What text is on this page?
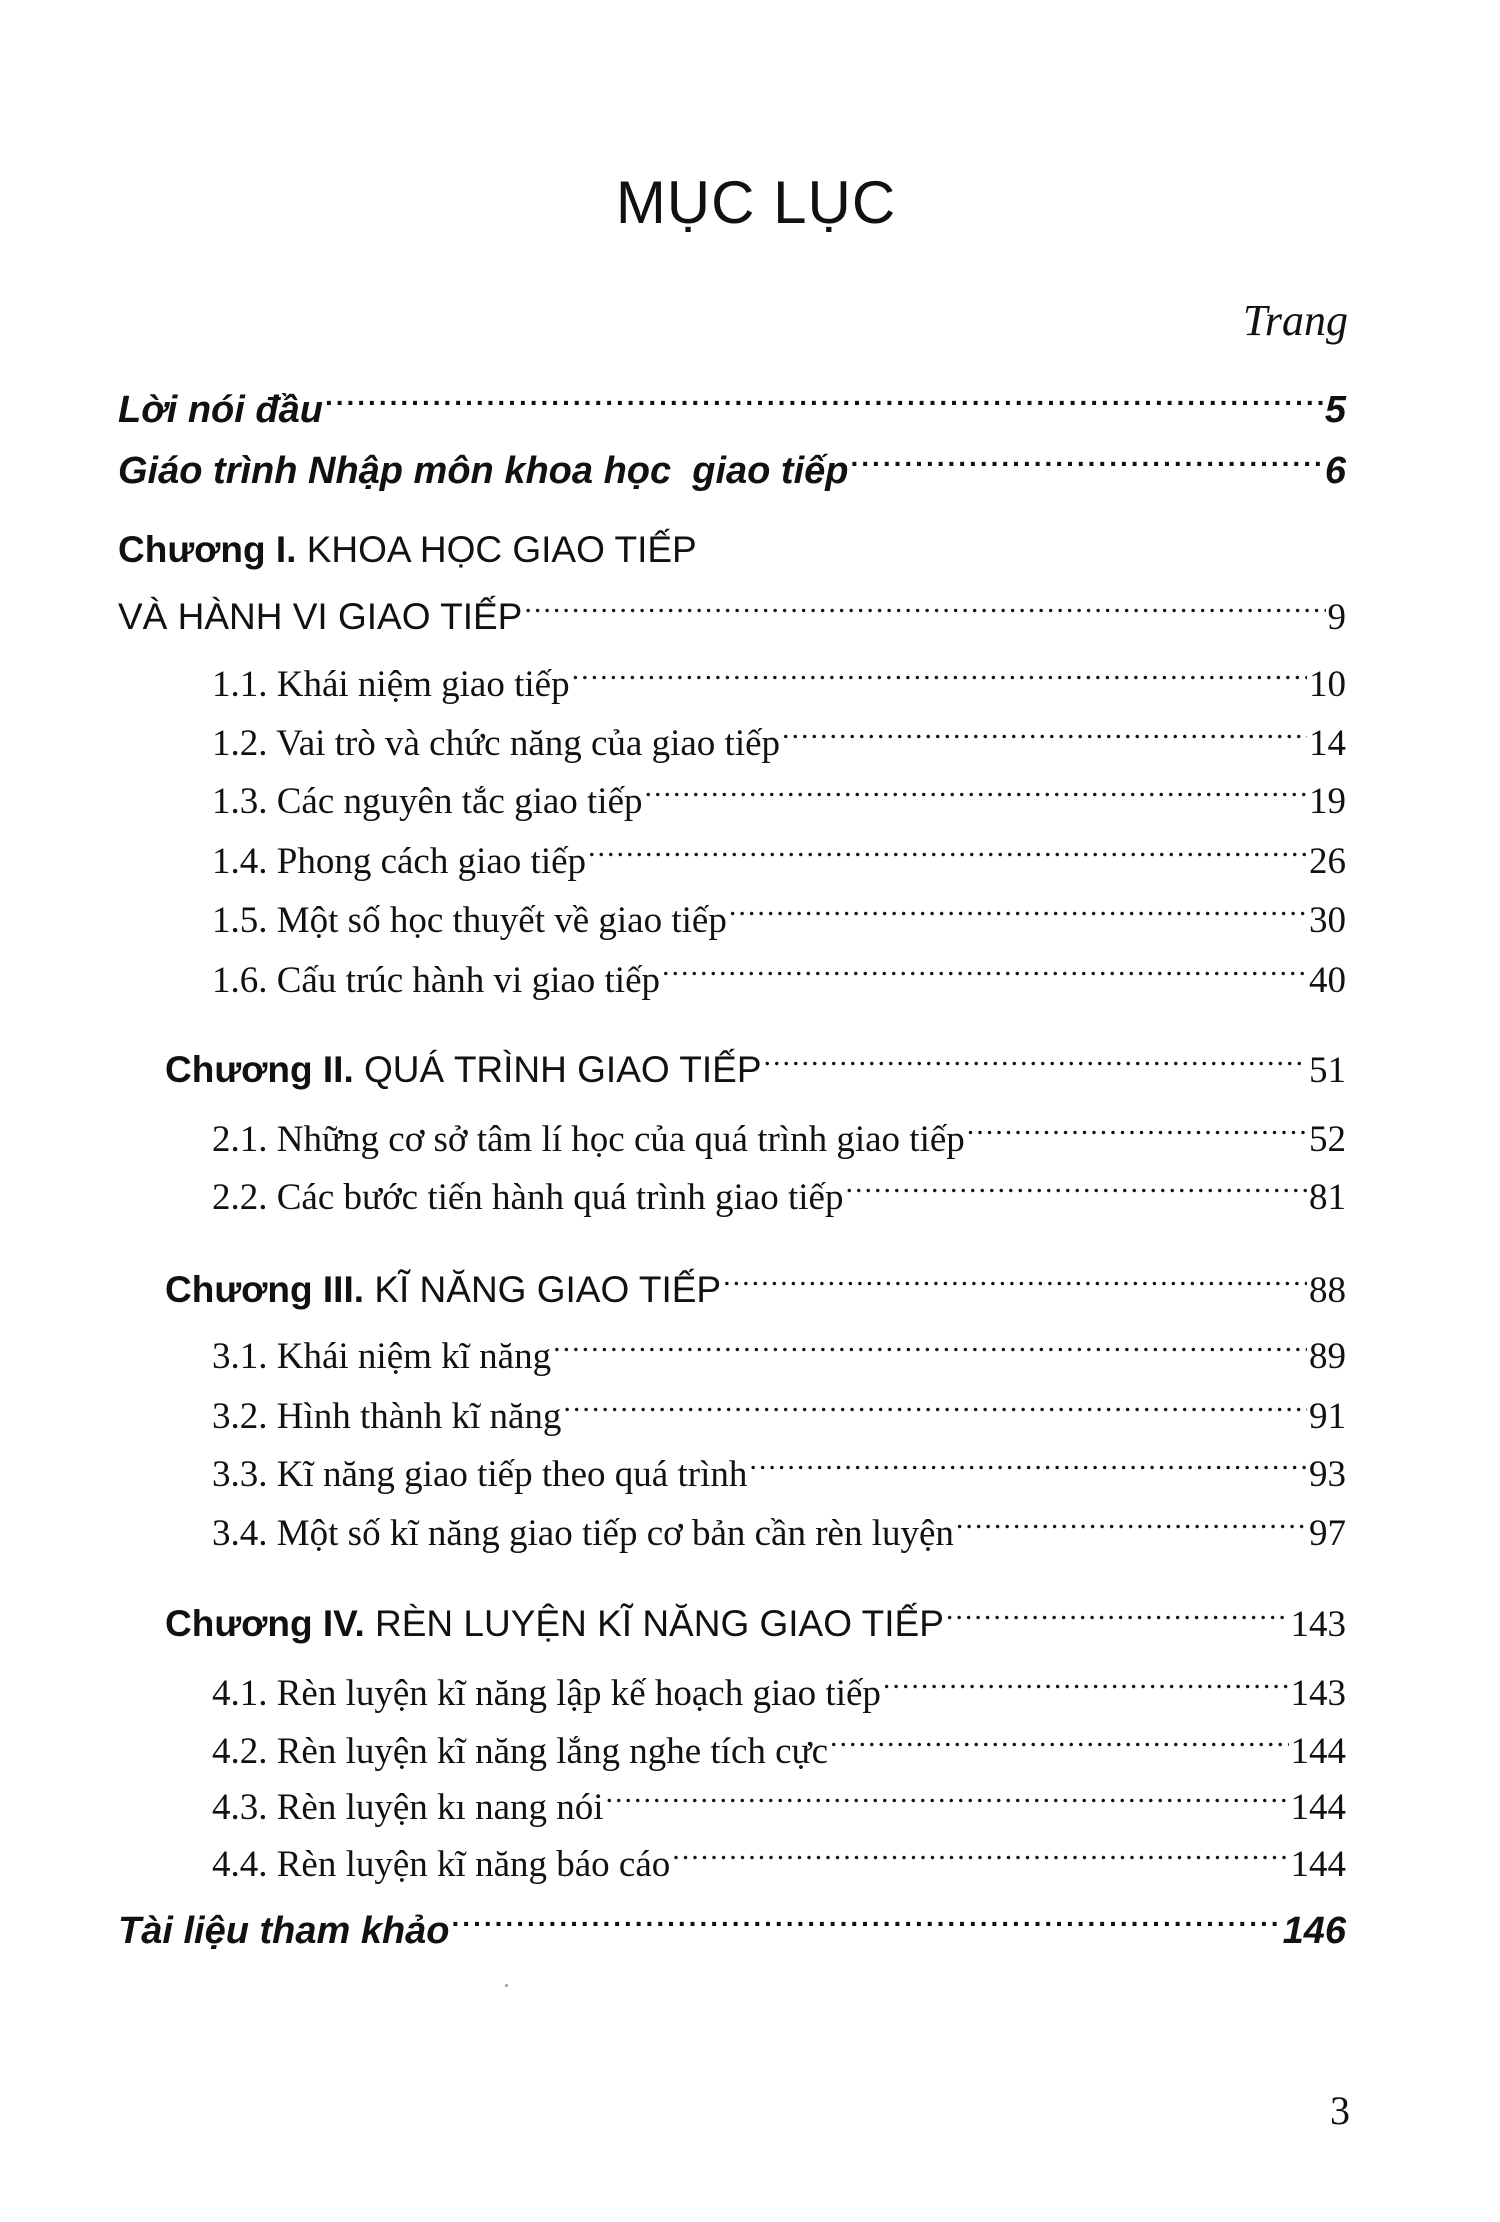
MỤC LỤC
Trang
Lời nói đầu .....	5
Giáo trình Nhập môn khoa học  giao tiếp .....	6
Chương I. KHOA HỌC GIAO TIẾP
VÀ HÀNH VI GIAO TIẾP .....	9
1.1. Khái niệm giao tiếp .....	10
1.2. Vai trò và chức năng của giao tiếp .....	14
1.3. Các nguyên tắc giao tiếp .....	19
1.4. Phong cách giao tiếp .....	26
1.5. Một số học thuyết về giao tiếp .....	30
1.6. Cấu trúc hành vi giao tiếp .....	40
Chương II. QUÁ TRÌNH GIAO TIẾP .....	51
2.1. Những cơ sở tâm lí học của quá trình giao tiếp .....	52
2.2. Các bước tiến hành quá trình giao tiếp .....	81
Chương III. KĨ NĂNG GIAO TIẾP .....	88
3.1. Khái niệm kĩ năng .....	89
3.2. Hình thành kĩ năng .....	91
3.3. Kĩ năng giao tiếp theo quá trình .....	93
3.4. Một số kĩ năng giao tiếp cơ bản cần rèn luyện .....	97
Chương IV. RÈN LUYỆN KĨ NĂNG GIAO TIẾP .....	143
4.1. Rèn luyện kĩ năng lập kế hoạch giao tiếp .....	143
4.2. Rèn luyện kĩ năng lắng nghe tích cực .....	144
4.3. Rèn luyện kı nang nói .....	144
4.4. Rèn luyện kĩ năng báo cáo .....	144
Tài liệu tham khảo .....	146
3
